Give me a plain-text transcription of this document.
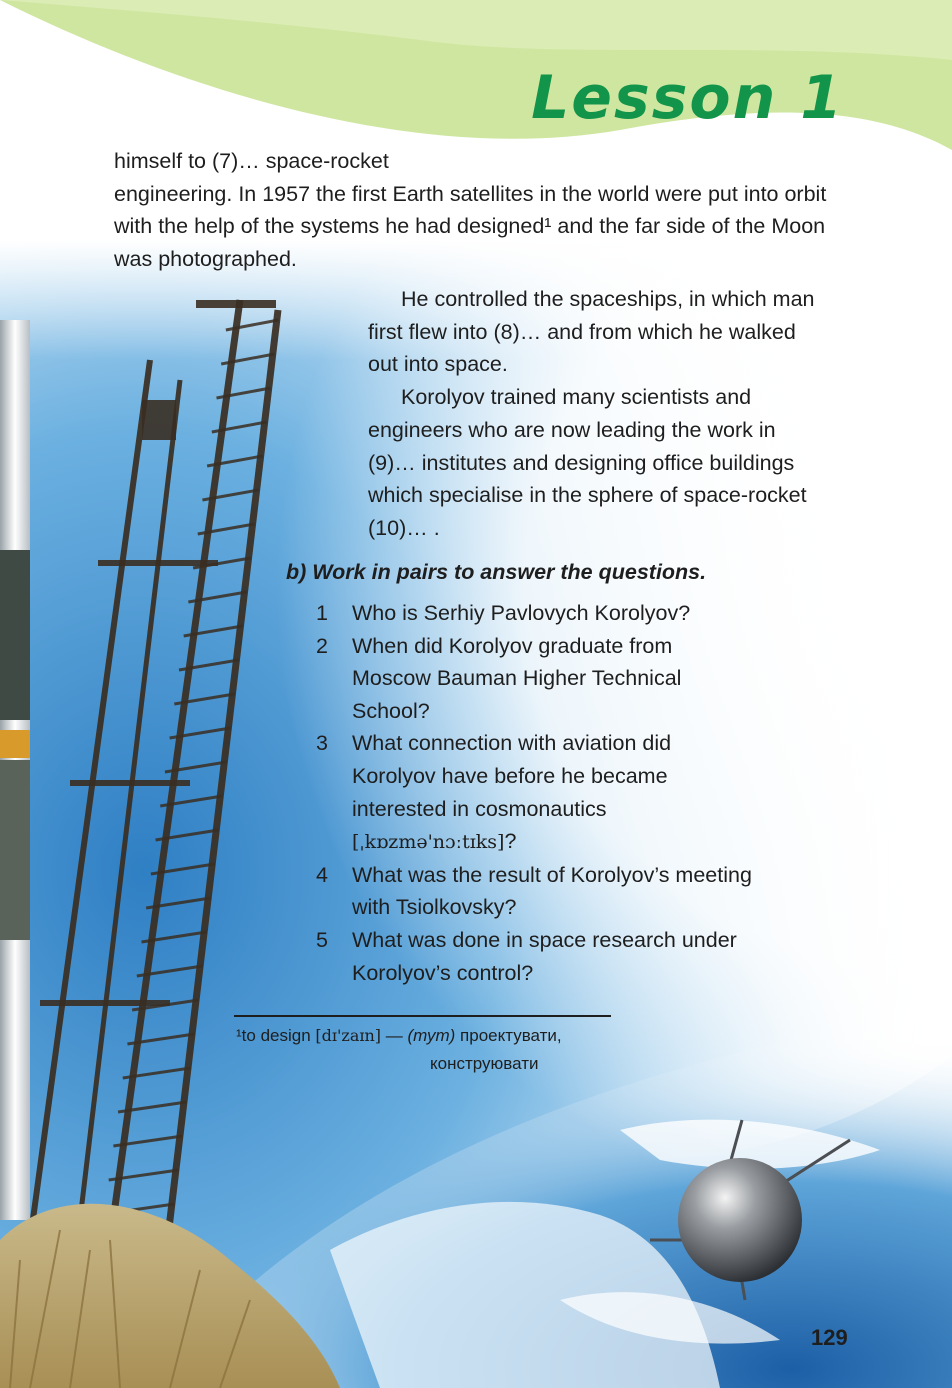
Lesson 1
himself to (7)… space-rocket
engineering. In 1957 the first Earth satellites in the world were put into orbit with the help of the systems he had designed¹ and the far side of the Moon was photographed.

He controlled the spaceships, in which man first flew into (8)… and from which he walked out into space.

Korolyov trained many scientists and engineers who are now leading the work in (9)… institutes and designing office buildings which specialise in the sphere of space-rocket (10)… .

b) Work in pairs to answer the questions.
1	Who is Serhiy Pavlovych Korolyov?
2	When did Korolyov graduate from Moscow Bauman Higher Technical School?
3	What connection with aviation did Korolyov have before he became interested in cosmonautics
[ˌkɒzmə'nɔːtɪks]?
4	What was the result of Korolyov’s meeting with Tsiolkovsky?
5	What was done in space research under Korolyov’s control?
¹to design [dɪ'zaɪn] — (тут) проектувати,
конструювати
129
